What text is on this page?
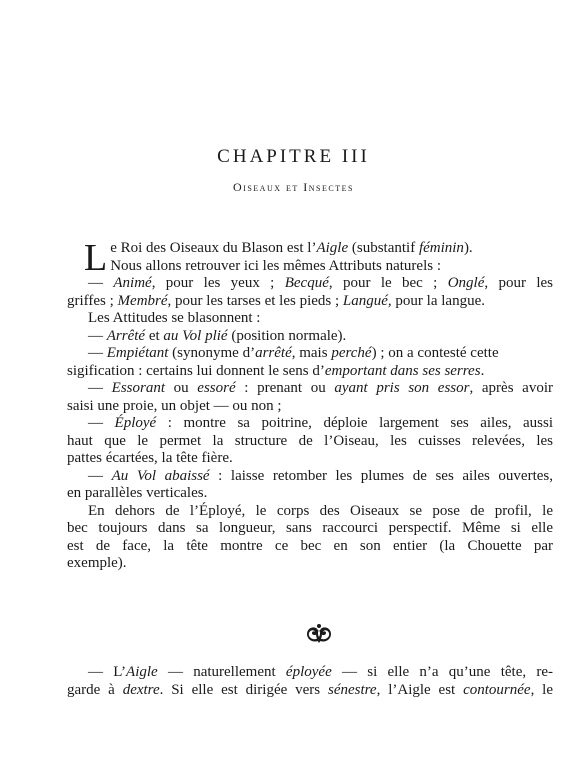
CHAPITRE III
Oiseaux et Insectes
L e Roi des Oiseaux du Blason est l’Aigle (substantif féminin).
Nous allons retrouver ici les mêmes Attributs naturels :
— Animé, pour les yeux ; Becqué, pour le bec ; Onglé, pour les
griffes ; Membré, pour les tarses et les pieds ; Langué, pour la langue.
Les Attitudes se blasonnent :
— Arrêté et au Vol plié (position normale).
— Empiétant (synonyme d’arrêté, mais perché) ; on a contesté cette
sigification : certains lui donnent le sens d’emportant dans ses serres.
— Essorant ou essoré : prenant ou ayant pris son essor, après avoir
saisi une proie, un objet — ou non ;
— Éployé : montre sa poitrine, déploie largement ses ailes, aussi
haut que le permet la structure de l’Oiseau, les cuisses relevées, les
pattes écartées, la tête fière.
— Au Vol abaissé : laisse retomber les plumes de ses ailes ouvertes,
en parallèles verticales.
En dehors de l’Éployé, le corps des Oiseaux se pose de profil, le
bec toujours dans sa longueur, sans raccourci perspectif. Même si elle
est de face, la tête montre ce bec en son entier (la Chouette par
exemple).
— L’Aigle — naturellement éployée — si elle n’a qu’une tête, re-
garde à dextre. Si elle est dirigée vers sénestre, l’Aigle est contournée, le
